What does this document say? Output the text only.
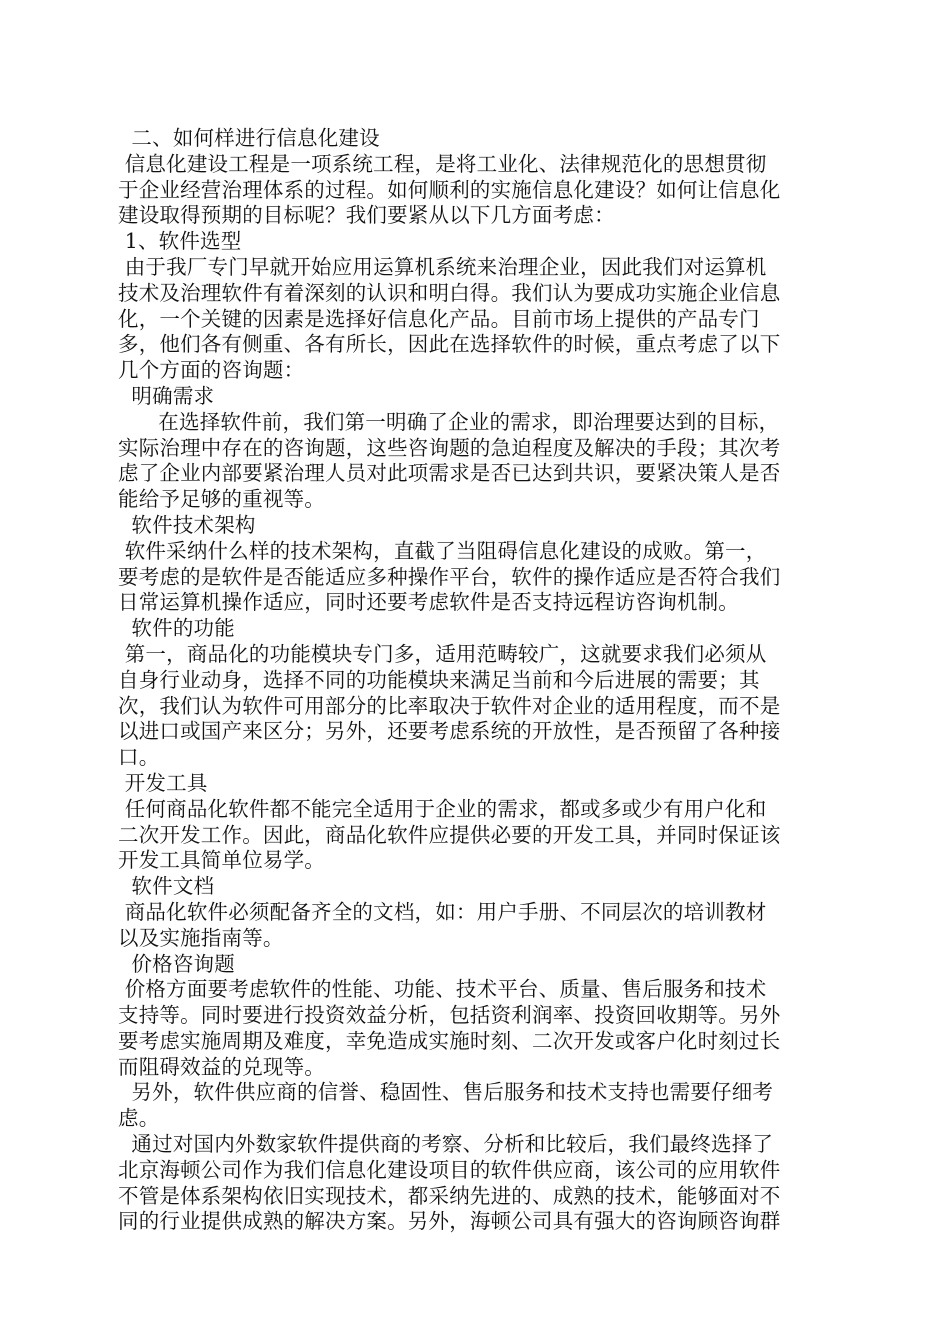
二、如何样进行信息化建设
信息化建设工程是一项系统工程，是将工业化、法律规范化的思想贯彻
于企业经营治理体系的过程。如何顺利的实施信息化建设？如何让信息化
建设取得预期的目标呢？我们要紧从以下几方面考虑：
1、软件选型
由于我厂专门早就开始应用运算机系统来治理企业，因此我们对运算机
技术及治理软件有着深刻的认识和明白得。我们认为要成功实施企业信息
化，一个关键的因素是选择好信息化产品。目前市场上提供的产品专门
多，他们各有侧重、各有所长，因此在选择软件的时候，重点考虑了以下
几个方面的咨询题：
明确需求
在选择软件前，我们第一明确了企业的需求，即治理要达到的目标，
实际治理中存在的咨询题，这些咨询题的急迫程度及解决的手段；其次考
虑了企业内部要紧治理人员对此项需求是否已达到共识，要紧决策人是否
能给予足够的重视等。
软件技术架构
软件采纳什么样的技术架构，直截了当阻碍信息化建设的成败。第一，
要考虑的是软件是否能适应多种操作平台，软件的操作适应是否符合我们
日常运算机操作适应，同时还要考虑软件是否支持远程访咨询机制。
软件的功能
第一，商品化的功能模块专门多，适用范畴较广，这就要求我们必须从
自身行业动身，选择不同的功能模块来满足当前和今后进展的需要；其
次，我们认为软件可用部分的比率取决于软件对企业的适用程度，而不是
以进口或国产来区分；另外，还要考虑系统的开放性，是否预留了各种接
口。
开发工具
任何商品化软件都不能完全适用于企业的需求，都或多或少有用户化和
二次开发工作。因此，商品化软件应提供必要的开发工具，并同时保证该
开发工具简单位易学。
软件文档
商品化软件必须配备齐全的文档，如：用户手册、不同层次的培训教材
以及实施指南等。
价格咨询题
价格方面要考虑软件的性能、功能、技术平台、质量、售后服务和技术
支持等。同时要进行投资效益分析，包括资利润率、投资回收期等。另外
要考虑实施周期及难度，幸免造成实施时刻、二次开发或客户化时刻过长
而阻碍效益的兑现等。
另外，软件供应商的信誉、稳固性、售后服务和技术支持也需要仔细考
虑。
通过对国内外数家软件提供商的考察、分析和比较后，我们最终选择了
北京海顿公司作为我们信息化建设项目的软件供应商，该公司的应用软件
不管是体系架构依旧实现技术，都采纳先进的、成熟的技术，能够面对不
同的行业提供成熟的解决方案。另外，海顿公司具有强大的咨询顾咨询群
